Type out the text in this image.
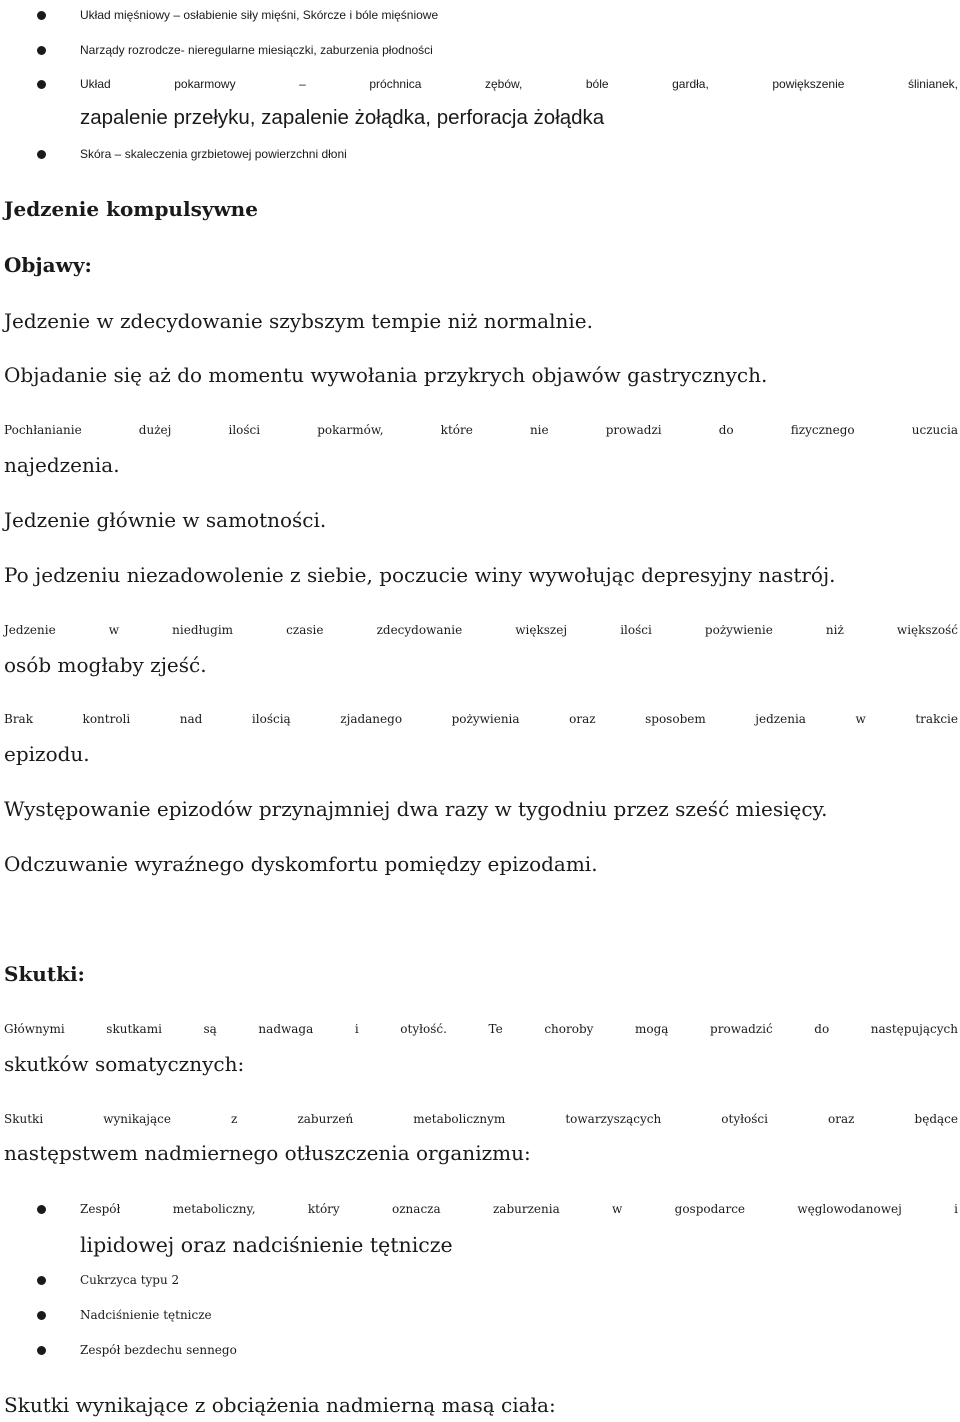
Układ mięśniowy – osłabienie siły mięśni, Skórcze i bóle mięśniowe
Narządy rozrodcze- nieregularne miesiączki, zaburzenia płodności
Układ pokarmowy – próchnica zębów, bóle gardła, powiększenie ślinianek,
zapalenie przełyku, zapalenie żołądka, perforacja żołądka
Skóra – skaleczenia grzbietowej powierzchni dłoni
Jedzenie kompulsywne
Objawy:
Jedzenie w zdecydowanie szybszym tempie niż normalnie.
Objadanie się aż do momentu wywołania przykrych objawów gastrycznych.
Pochłanianie dużej ilości pokarmów, które nie prowadzi do fizycznego uczucia
najedzenia.
Jedzenie głównie w samotności.
Po jedzeniu niezadowolenie z siebie, poczucie winy wywołując depresyjny nastrój.
Jedzenie w niedługim czasie zdecydowanie większej ilości pożywienie niż większość
osób mogłaby zjeść.
Brak kontroli nad ilością zjadanego pożywienia oraz sposobem jedzenia w trakcie
epizodu.
Występowanie epizodów przynajmniej dwa razy w tygodniu przez sześć miesięcy.
Odczuwanie wyraźnego dyskomfortu pomiędzy epizodami.
Skutki:
Głównymi skutkami są nadwaga i otyłość. Te choroby mogą prowadzić do następujących
skutków somatycznych:
Skutki wynikające z zaburzeń metabolicznym towarzyszących otyłości oraz będące
następstwem nadmiernego otłuszczenia organizmu:
Zespół metaboliczny, który oznacza zaburzenia w gospodarce węglowodanowej i
lipidowej oraz nadciśnienie tętnicze
Cukrzyca typu 2
Nadciśnienie tętnicze
Zespół bezdechu sennego
Skutki wynikające z obciążenia nadmierną masą ciała:
